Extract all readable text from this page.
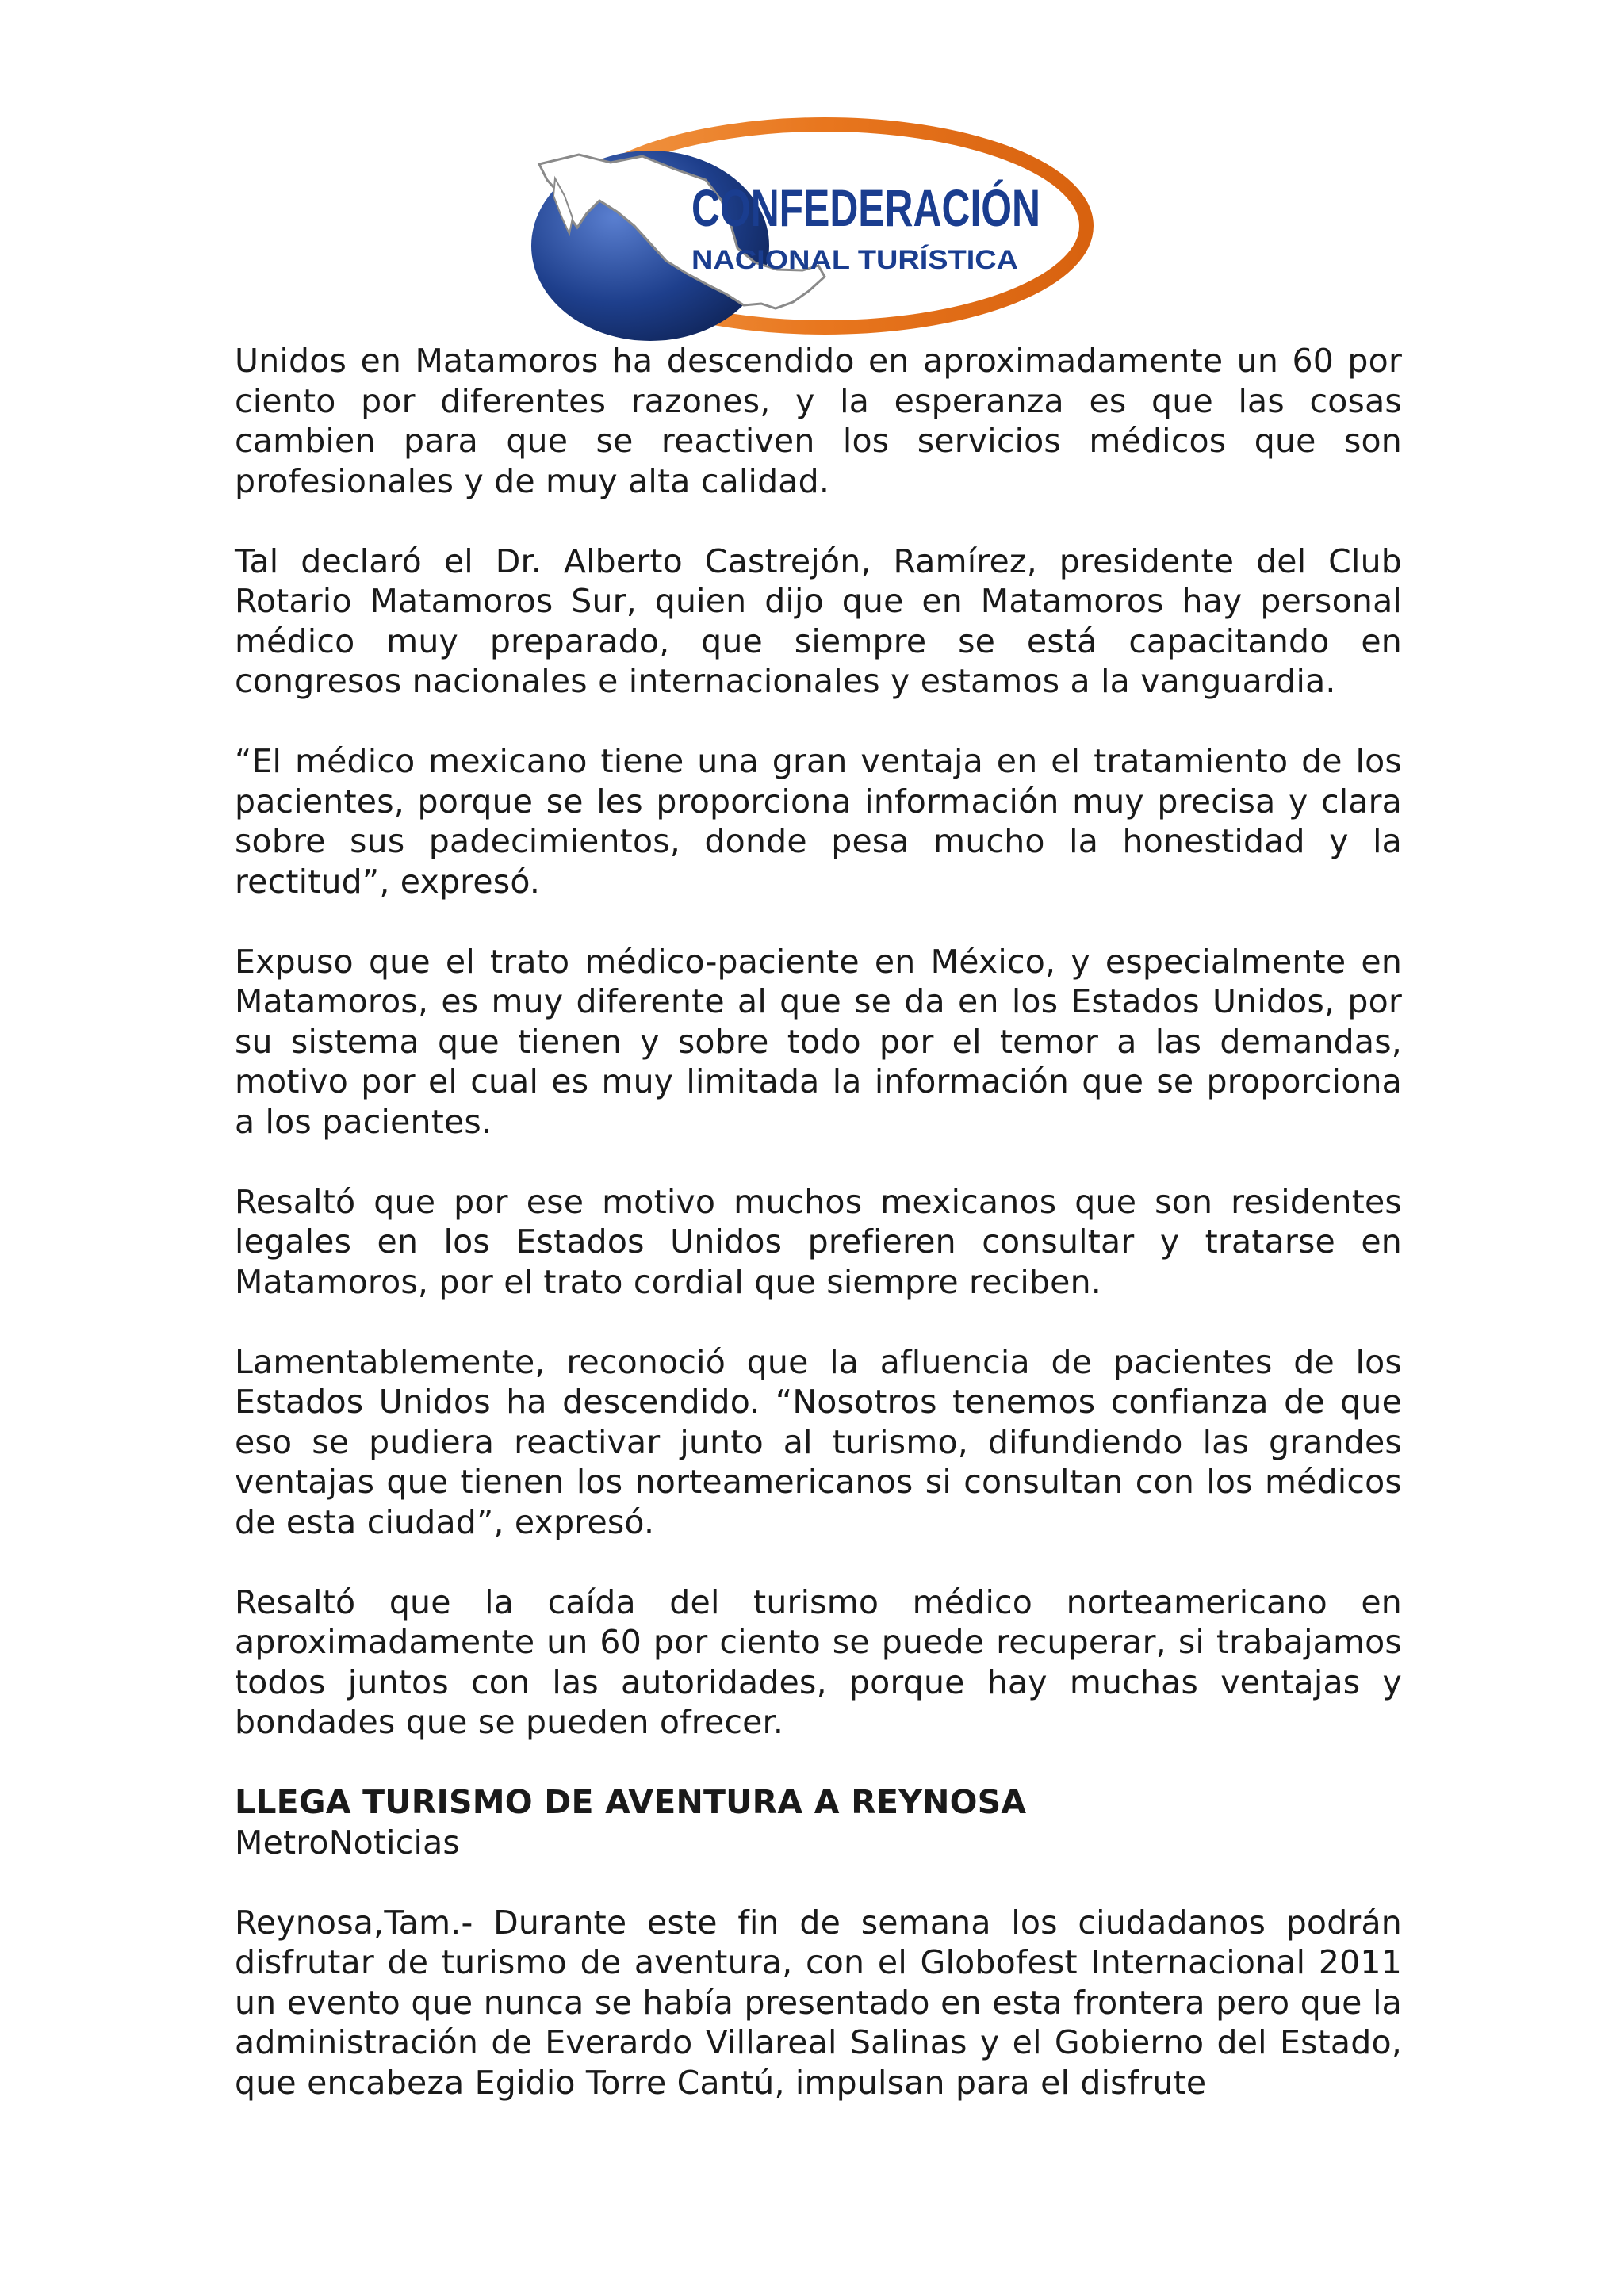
CONFEDERACIÓN
NACIONAL TURÍSTICA

Unidos en Matamoros ha descendido en aproximadamente un 60 por ciento por diferentes razones, y la esperanza es que las cosas cambien para que se reactiven los servicios médicos que son profesionales y de muy alta calidad.

Tal declaró el Dr. Alberto Castrejón, Ramírez, presidente del Club Rotario Matamoros Sur, quien dijo que en Matamoros hay personal médico muy preparado, que siempre se está capacitando en congresos nacionales e internacionales y estamos a la vanguardia.

“El médico mexicano tiene una gran ventaja en el tratamiento de los pacientes, porque se les proporciona información muy precisa y clara sobre sus padecimientos, donde pesa mucho la honestidad y la rectitud”, expresó.

Expuso que el trato médico-paciente en México, y especialmente en Matamoros, es muy diferente al que se da en los Estados Unidos, por su sistema que tienen y sobre todo por el temor a las demandas, motivo por el cual es muy limitada la información que se proporciona a los pacientes.

Resaltó que por ese motivo muchos mexicanos que son residentes legales en los Estados Unidos prefieren consultar y tratarse en Matamoros, por el trato cordial que siempre reciben.

Lamentablemente, reconoció que la afluencia de pacientes de los Estados Unidos ha descendido. “Nosotros tenemos confianza de que eso se pudiera reactivar junto al turismo, difundiendo las grandes ventajas que tienen los norteamericanos si consultan con los médicos de esta ciudad”, expresó.

Resaltó que la caída del turismo médico norteamericano en aproximadamente un 60 por ciento se puede recuperar, si trabajamos todos juntos con las autoridades, porque hay muchas ventajas y bondades que se pueden ofrecer.

LLEGA TURISMO DE AVENTURA A REYNOSA
MetroNoticias

Reynosa,Tam.- Durante este fin de semana los ciudadanos podrán disfrutar de turismo de aventura, con el Globofest Internacional 2011 un evento que nunca se había presentado en esta frontera pero que la administración de Everardo Villareal Salinas y el Gobierno del Estado, que encabeza Egidio Torre Cantú, impulsan para el disfrute
